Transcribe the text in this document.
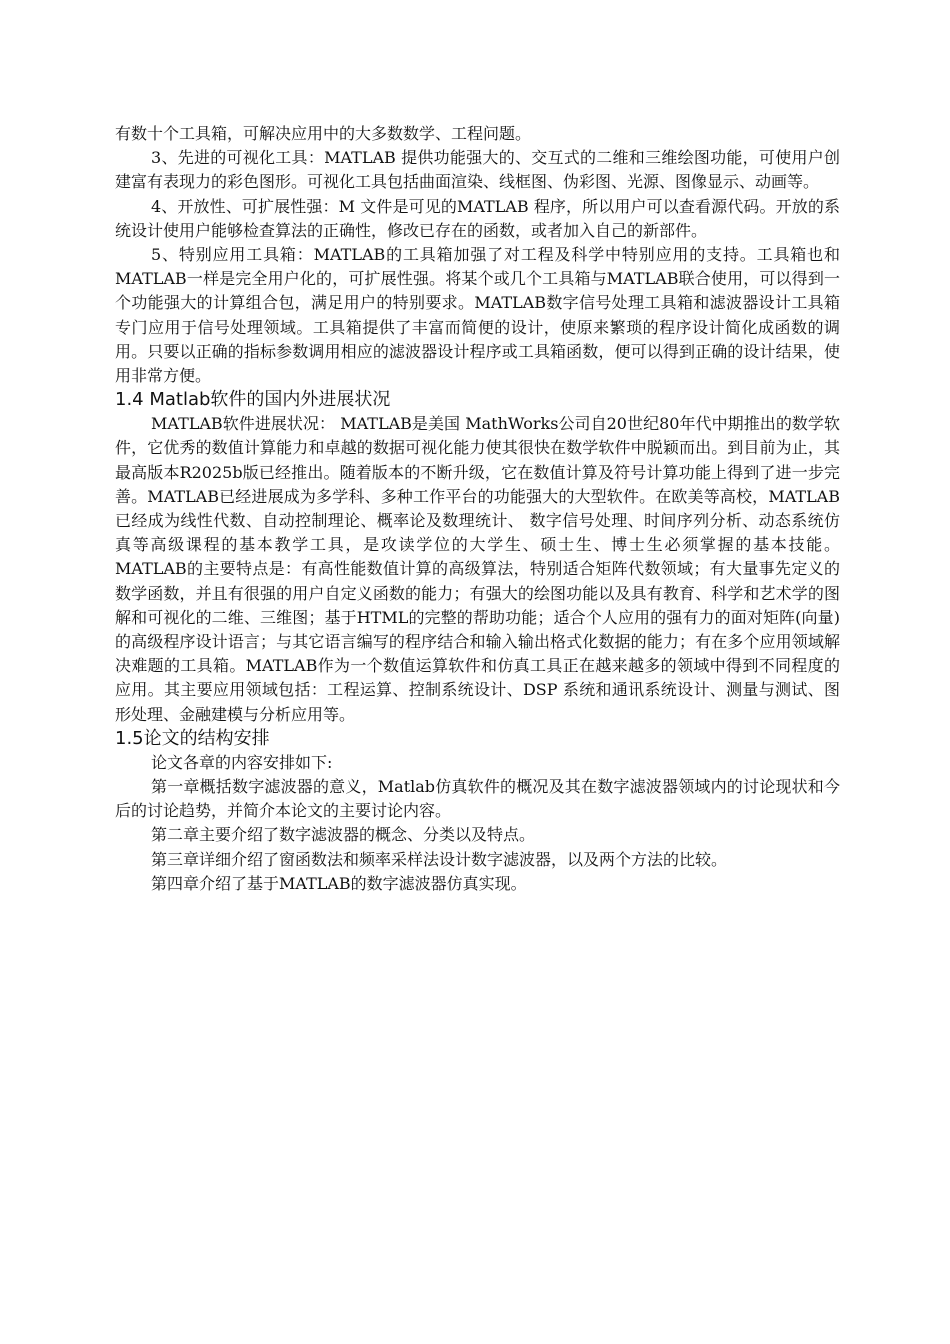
有数十个工具箱，可解决应用中的大多数数学、工程问题。

3、先进的可视化工具：MATLAB 提供功能强大的、交互式的二维和三维绘图功能，可使用户创建富有表现力的彩色图形。可视化工具包括曲面渲染、线框图、伪彩图、光源、图像显示、动画等。

4、开放性、可扩展性强：M 文件是可见的MATLAB 程序，所以用户可以查看源代码。开放的系统设计使用户能够检查算法的正确性，修改已存在的函数，或者加入自己的新部件。

5、特别应用工具箱：MATLAB的工具箱加强了对工程及科学中特别应用的支持。工具箱也和MATLAB一样是完全用户化的，可扩展性强。将某个或几个工具箱与MATLAB联合使用，可以得到一个功能强大的计算组合包，满足用户的特别要求。MATLAB数字信号处理工具箱和滤波器设计工具箱专门应用于信号处理领域。工具箱提供了丰富而简便的设计，使原来繁琐的程序设计简化成函数的调用。只要以正确的指标参数调用相应的滤波器设计程序或工具箱函数，便可以得到正确的设计结果，使用非常方便。

1.4 Matlab软件的国内外进展状况

MATLAB软件进展状况： MATLAB是美国 MathWorks公司自20世纪80年代中期推出的数学软件，它优秀的数值计算能力和卓越的数据可视化能力使其很快在数学软件中脱颖而出。到目前为止，其最高版本R2025b版已经推出。随着版本的不断升级，它在数值计算及符号计算功能上得到了进一步完善。MATLAB已经进展成为多学科、多种工作平台的功能强大的大型软件。在欧美等高校，MATLAB已经成为线性代数、自动控制理论、概率论及数理统计、 数字信号处理、时间序列分析、动态系统仿真等高级课程的基本教学工具，是攻读学位的大学生、硕士生、博士生必须掌握的基本技能。MATLAB的主要特点是：有高性能数值计算的高级算法，特别适合矩阵代数领域；有大量事先定义的数学函数，并且有很强的用户自定义函数的能力；有强大的绘图功能以及具有教育、科学和艺术学的图解和可视化的二维、三维图；基于HTML的完整的帮助功能；适合个人应用的强有力的面对矩阵(向量)的高级程序设计语言；与其它语言编写的程序结合和输入输出格式化数据的能力；有在多个应用领域解决难题的工具箱。MATLAB作为一个数值运算软件和仿真工具正在越来越多的领域中得到不同程度的应用。其主要应用领域包括：工程运算、控制系统设计、DSP 系统和通讯系统设计、测量与测试、图形处理、金融建模与分析应用等。

1.5论文的结构安排

论文各章的内容安排如下:

第一章概括数字滤波器的意义，Matlab仿真软件的概况及其在数字滤波器领域内的讨论现状和今后的讨论趋势，并简介本论文的主要讨论内容。

第二章主要介绍了数字滤波器的概念、分类以及特点。

第三章详细介绍了窗函数法和频率采样法设计数字滤波器，以及两个方法的比较。

第四章介绍了基于MATLAB的数字滤波器仿真实现。
